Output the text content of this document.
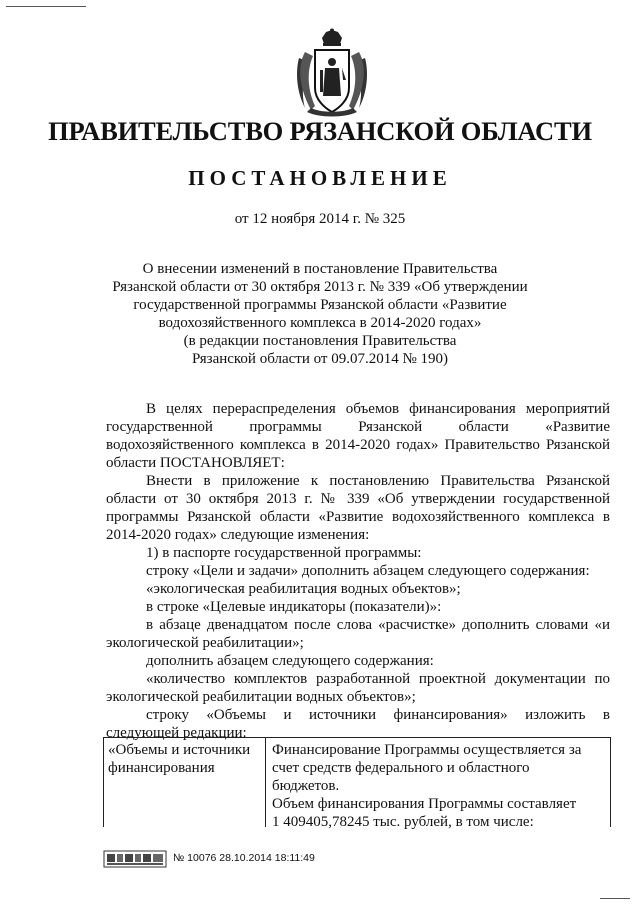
ПРАВИТЕЛЬСТВО РЯЗАНСКОЙ ОБЛАСТИ
ПОСТАНОВЛЕНИЕ
от 12 ноября 2014 г. № 325
О внесении изменений в постановление Правительства
Рязанской области от 30 октября 2013 г. № 339 «Об утверждении
государственной программы Рязанской области «Развитие
водохозяйственного комплекса в 2014-2020 годах»
(в редакции постановления Правительства
Рязанской области от 09.07.2014 № 190)
В целях перераспределения объемов финансирования мероприятий
государственной программы Рязанской области «Развитие
водохозяйственного комплекса в 2014-2020 годах» Правительство Рязанской
области ПОСТАНОВЛЯЕТ:
Внести в приложение к постановлению Правительства Рязанской
области от 30 октября 2013 г. № 339 «Об утверждении государственной
программы Рязанской области «Развитие водохозяйственного комплекса в
2014-2020 годах» следующие изменения:
1) в паспорте государственной программы:
строку «Цели и задачи» дополнить абзацем следующего содержания:
«экологическая реабилитация водных объектов»;
в строке «Целевые индикаторы (показатели)»:
в абзаце двенадцатом после слова «расчистке» дополнить словами «и
экологической реабилитации»;
дополнить абзацем следующего содержания:
«количество комплектов разработанной проектной документации по
экологической реабилитации водных объектов»;
строку «Объемы и источники финансирования» изложить в
следующей редакции:
«Объемы и источники
финансирования
Финансирование Программы осуществляется за
счет средств федерального и областного
бюджетов.
Объем финансирования Программы составляет
1 409405,78245 тыс. рублей, в том числе:
№ 10076 28.10.2014 18:11:49
